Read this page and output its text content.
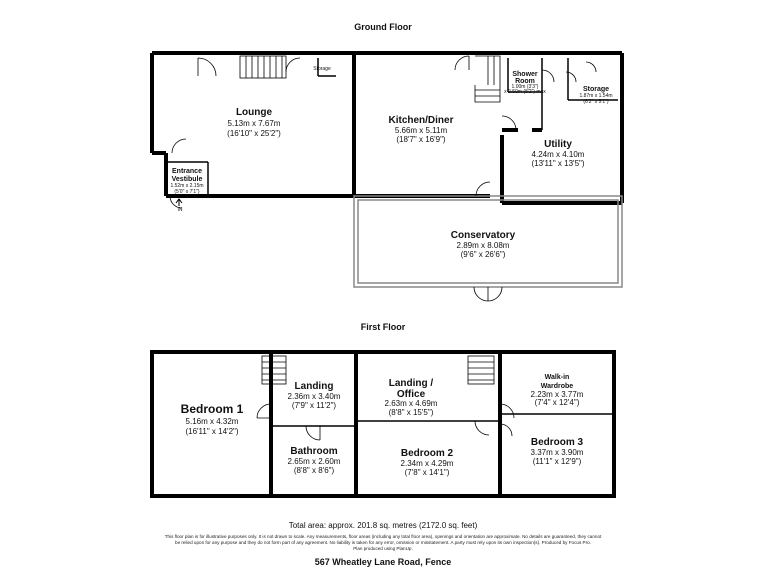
Ground Floor
Lounge
5.13m x 7.67m
(16'10" x 25'2")
Storage
Entrance
Vestibule
1.52m x 2.15m
(5'0" x 7'1")
IN
Kitchen/Diner
5.66m x 5.11m
(18'7" x 16'9")
Shower
Room
1.00m (3'3")
x 2.50m (8'2") max	Storage
1.87m x 1.54m
(6'2" x 5'1")
Utility
4.24m x 4.10m
(13'11" x 13'5")
Conservatory
2.89m x 8.08m
(9'6" x 26'6")
First Floor
Bedroom 1
5.16m x 4.32m
(16'11" x 14'2")
Landing
2.36m x 3.40m
(7'9" x 11'2")
Bathroom
2.65m x 2.60m
(8'8" x 8'6")
Landing /
Office
2.63m x 4.69m
(8'8" x 15'5")
Bedroom 2
2.34m x 4.29m
(7'8" x 14'1")
Walk-in
Wardrobe
2.23m x 3.77m
(7'4" x 12'4")
Bedroom 3
3.37m x 3.90m
(11'1" x 12'9")
Total area: approx. 201.8 sq. metres (2172.0 sq. feet)
This floor plan is for illustrative purposes only. It is not drawn to scale. Any measurements, floor areas (including any total floor area), openings and orientation are approximate. No details are guaranteed, they cannot
be relied upon for any purpose and they do not form part of any agreement. No liability is taken for any error, omission or misstatement. A party must rely upon its own inspection(s). Produced by Focus Pro.
Plan produced using PlanUp.
567 Wheatley Lane Road, Fence
